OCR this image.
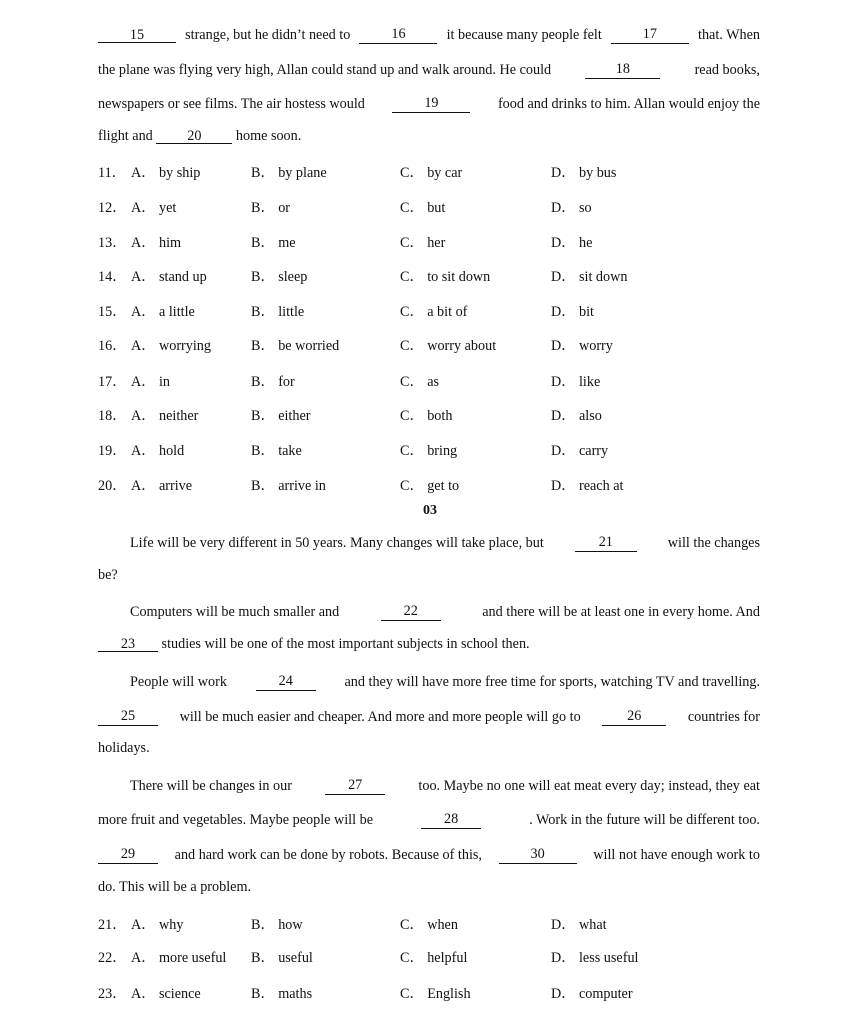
15	strange, but he didn’t need to	16	it because many people felt	17	that. When
the plane was flying very high, Allan could stand up and walk around. He could	18	read books,
newspapers or see films. The air hostess would	19	food and drinks to him. Allan would enjoy the
flight and 20 home soon.
11． A． by ship	B． by plane	C． by car	D． by bus
12． A． yet	B． or	C． but	D． so
13． A． him	B． me	C． her	D． he
14． A． stand up	B． sleep	C． to sit down	D． sit down
15． A． a little	B． little	C． a bit of	D． bit
16． A． worrying	B． be worried	C． worry about	D． worry
17． A． in	B． for	C． as	D． like
18． A． neither	B． either	C． both	D． also
19． A． hold	B． take	C． bring	D． carry
20． A． arrive	B． arrive in	C． get to	D． reach at
03
Life will be very different in 50 years. Many changes will take place, but	21	will the changes
be?
Computers will be much smaller and	22	and there will be at least one in every home. And
23 studies will be one of the most important subjects in school then.
People will work	24	and they will have more free time for sports, watching TV and travelling.
25	will be much easier and cheaper. And more and more people will go to	26	countries for
holidays.
There will be changes in our	27	too. Maybe no one will eat meat every day; instead, they eat
more fruit and vegetables. Maybe people will be	28	. Work in the future will be different too.
29	and hard work can be done by robots. Because of this,	30	will not have enough work to
do. This will be a problem.
21． A． why	B． how	C． when	D． what
22． A． more useful B． useful	C． helpful	D． less useful
23． A． science	B． maths	C． English	D． computer
